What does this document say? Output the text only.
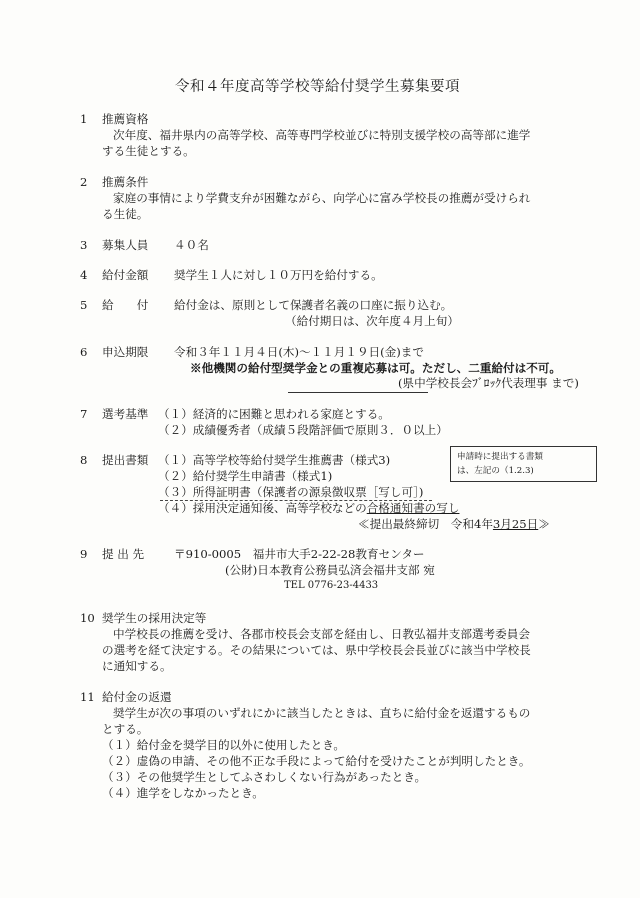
令和４年度高等学校等給付奨学生募集要項
1 推薦資格
次年度、福井県内の高等学校、高等専門学校並びに特別支援学校の高等部に進学
する生徒とする。
2 推薦条件
家庭の事情により学費支弁が困難ながら、向学心に富み学校長の推薦が受けられ
る生徒。
3 募集人員 ４０名
4 給付金額 奨学生１人に対し１０万円を給付する。
5 給　　付 給付金は、原則として保護者名義の口座に振り込む。
（給付期日は、次年度４月上旬）
6 申込期限 令和３年１１月４日(木)～１１月１９日(金)まで
※他機関の給付型奨学金との重複応募は可。ただし、二重給付は不可。
(県中学校長会ﾌﾞﾛｯｸ代表理事 まで)
7 選考基準 （１）経済的に困難と思われる家庭とする。
（２）成績優秀者（成績５段階評価で原則３．０以上）
8 提出書類 （１）高等学校等給付奨学生推薦書（様式3)
（２）給付奨学生申請書（様式1)
（３）所得証明書（保護者の源泉徴収票［写し可］)
（４）採用決定通知後、高等学校などの合格通知書の写し
≪提出最終締切　令和4年3月25日≫
申請時に提出する書類
は、左記の（1.2.3)
9 提 出 先	〒910-0005　福井市大手2-22-28教育センター
(公財)日本教育公務員弘済会福井支部 宛
TEL 0776-23-4433
10 奨学生の採用決定等
中学校長の推薦を受け、各郡市校長会支部を経由し、日教弘福井支部選考委員会
の選考を経て決定する。その結果については、県中学校長会長並びに該当中学校長
に通知する。
11 給付金の返還
奨学生が次の事項のいずれにかに該当したときは、直ちに給付金を返還するもの
とする。
（１）給付金を奨学目的以外に使用したとき。
（２）虚偽の申請、その他不正な手段によって給付を受けたことが判明したとき。
（３）その他奨学生としてふさわしくない行為があったとき。
（４）進学をしなかったとき。
